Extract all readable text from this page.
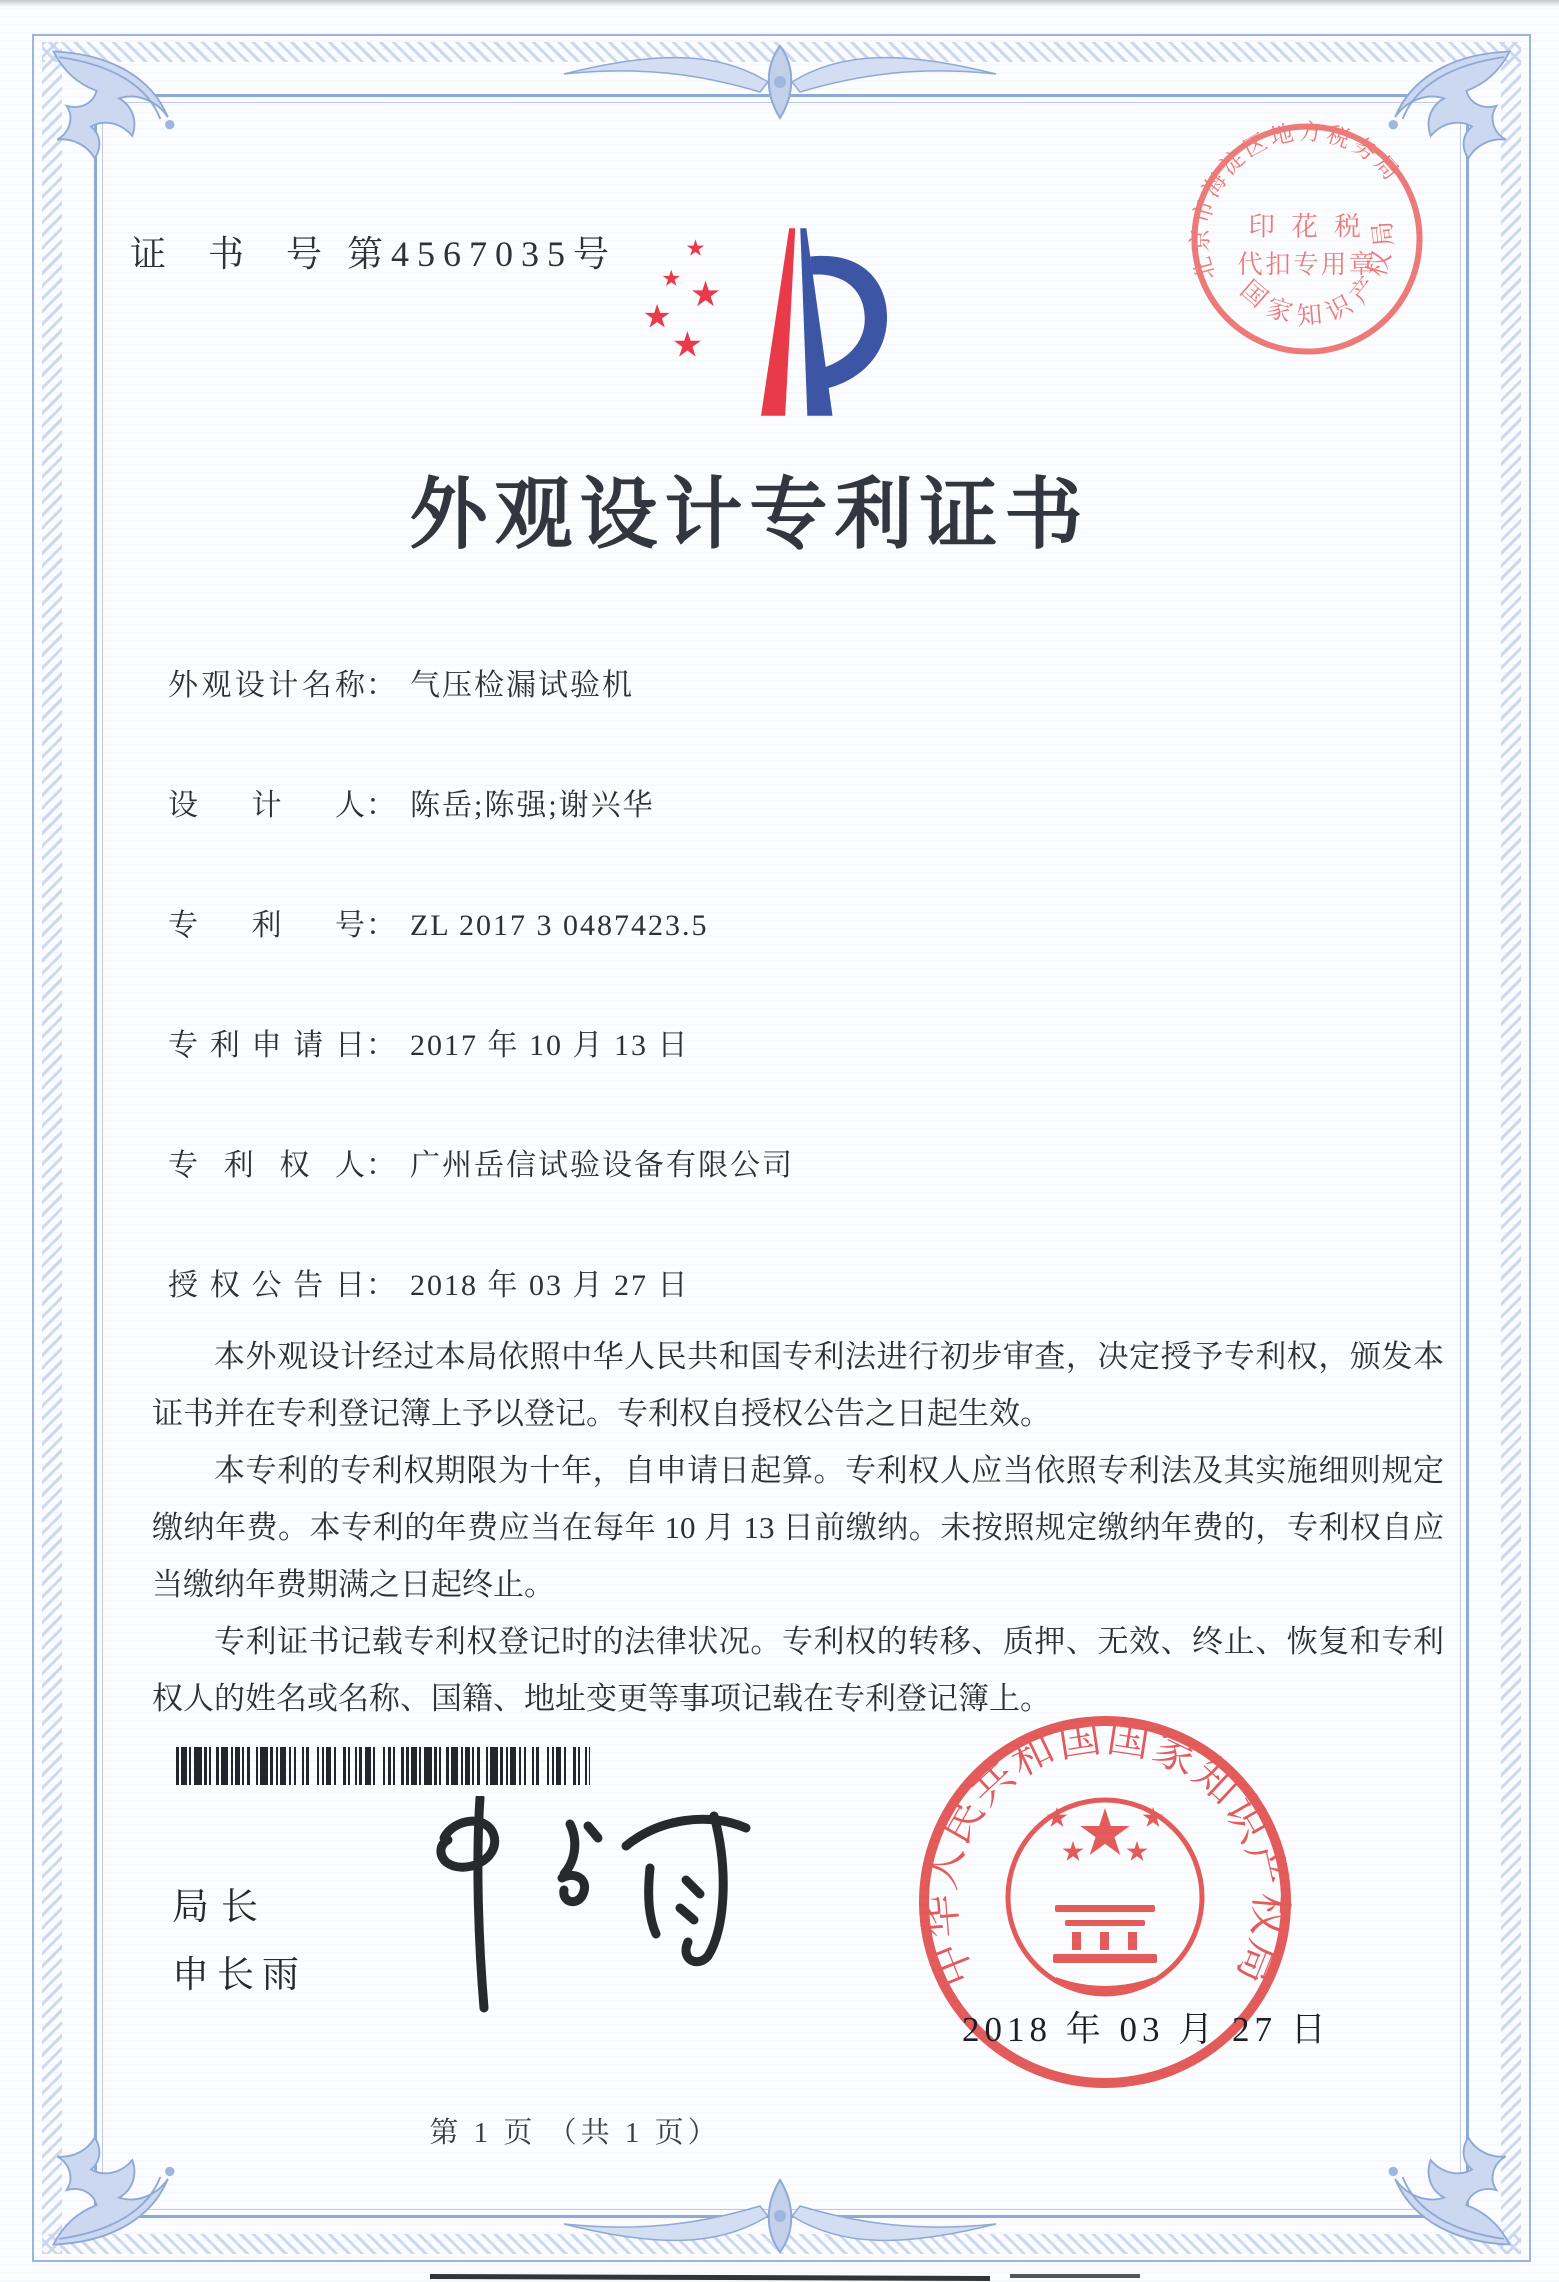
证  书  号 第4567035号	北京市海淀区地方税务局
国家知识产权局
印 花 税
代扣专用章
外观设计专利证书
外观设计名称 ： 气压检漏试验机
设计人 ： 陈岳;陈强;谢兴华
专利号 ： ZL 2017 3 0487423.5
专利申请日 ： 2017 年 10 月 13 日
专利权人 ： 广州岳信试验设备有限公司
授权公告日 ： 2018 年 03 月 27 日

本外观设计经过本局依照中华人民共和国专利法进行初步审查，决定授予专利权，颁发本证书并在专利登记簿上予以登记。专利权自授权公告之日起生效。

本专利的专利权期限为十年，自申请日起算。专利权人应当依照专利法及其实施细则规定缴纳年费。本专利的年费应当在每年 10 月 13 日前缴纳。未按照规定缴纳年费的，专利权自应当缴纳年费期满之日起终止。

专利证书记载专利权登记时的法律状况。专利权的转移、质押、无效、终止、恢复和专利权人的姓名或名称、国籍、地址变更等事项记载在专利登记簿上。

局长
申长雨	中华人民共和国国家知识产权局
2018 年 03 月 27 日
第 1 页 （共 1 页）
